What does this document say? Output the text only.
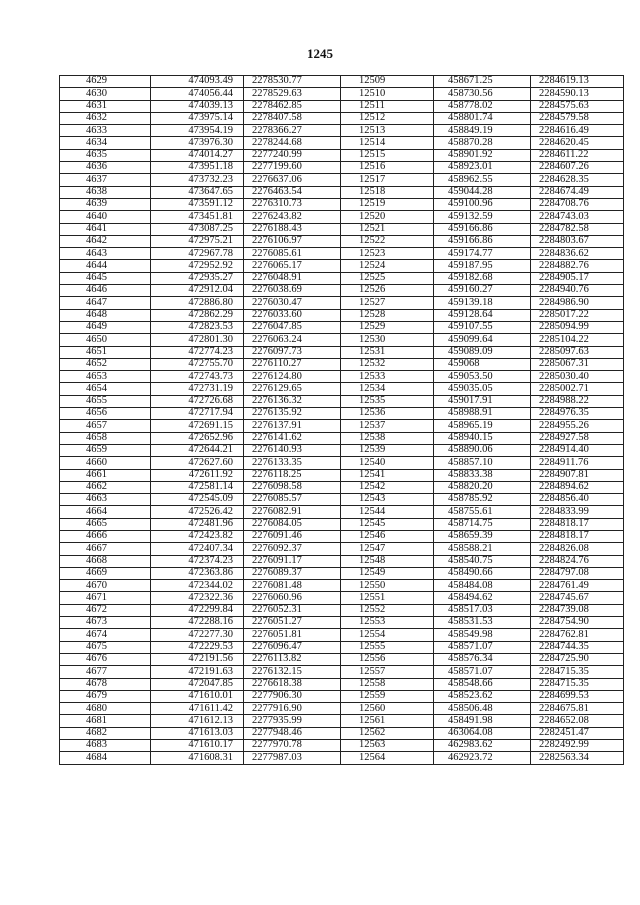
1245
4629	474093.49	2278530.77	12509	458671.25	2284619.13
4630	474056.44	2278529.63	12510	458730.56	2284590.13
4631	474039.13	2278462.85	12511	458778.02	2284575.63
4632	473975.14	2278407.58	12512	458801.74	2284579.58
4633	473954.19	2278366.27	12513	458849.19	2284616.49
4634	473976.30	2278244.68	12514	458870.28	2284620.45
4635	474014.27	2277240.99	12515	458901.92	2284611.22
4636	473951.18	2277199.60	12516	458923.01	2284607.26
4637	473732.23	2276637.06	12517	458962.55	2284628.35
4638	473647.65	2276463.54	12518	459044.28	2284674.49
4639	473591.12	2276310.73	12519	459100.96	2284708.76
4640	473451.81	2276243.82	12520	459132.59	2284743.03
4641	473087.25	2276188.43	12521	459166.86	2284782.58
4642	472975.21	2276106.97	12522	459166.86	2284803.67
4643	472967.78	2276085.61	12523	459174.77	2284836.62
4644	472952.92	2276065.17	12524	459187.95	2284882.76
4645	472935.27	2276048.91	12525	459182.68	2284905.17
4646	472912.04	2276038.69	12526	459160.27	2284940.76
4647	472886.80	2276030.47	12527	459139.18	2284986.90
4648	472862.29	2276033.60	12528	459128.64	2285017.22
4649	472823.53	2276047.85	12529	459107.55	2285094.99
4650	472801.30	2276063.24	12530	459099.64	2285104.22
4651	472774.23	2276097.73	12531	459089.09	2285097.63
4652	472755.70	2276110.27	12532	459068	2285067.31
4653	472743.73	2276124.80	12533	459053.50	2285030.40
4654	472731.19	2276129.65	12534	459035.05	2285002.71
4655	472726.68	2276136.32	12535	459017.91	2284988.22
4656	472717.94	2276135.92	12536	458988.91	2284976.35
4657	472691.15	2276137.91	12537	458965.19	2284955.26
4658	472652.96	2276141.62	12538	458940.15	2284927.58
4659	472644.21	2276140.93	12539	458890.06	2284914.40
4660	472627.60	2276133.35	12540	458857.10	2284911.76
4661	472611.92	2276118.25	12541	458833.38	2284907.81
4662	472581.14	2276098.58	12542	458820.20	2284894.62
4663	472545.09	2276085.57	12543	458785.92	2284856.40
4664	472526.42	2276082.91	12544	458755.61	2284833.99
4665	472481.96	2276084.05	12545	458714.75	2284818.17
4666	472423.82	2276091.46	12546	458659.39	2284818.17
4667	472407.34	2276092.37	12547	458588.21	2284826.08
4668	472374.23	2276091.17	12548	458540.75	2284824.76
4669	472363.86	2276089.37	12549	458490.66	2284797.08
4670	472344.02	2276081.48	12550	458484.08	2284761.49
4671	472322.36	2276060.96	12551	458494.62	2284745.67
4672	472299.84	2276052.31	12552	458517.03	2284739.08
4673	472288.16	2276051.27	12553	458531.53	2284754.90
4674	472277.30	2276051.81	12554	458549.98	2284762.81
4675	472229.53	2276096.47	12555	458571.07	2284744.35
4676	472191.56	2276113.82	12556	458576.34	2284725.90
4677	472191.63	2276132.15	12557	458571.07	2284715.35
4678	472047.85	2276618.38	12558	458548.66	2284715.35
4679	471610.01	2277906.30	12559	458523.62	2284699.53
4680	471611.42	2277916.90	12560	458506.48	2284675.81
4681	471612.13	2277935.99	12561	458491.98	2284652.08
4682	471613.03	2277948.46	12562	463064.08	2282451.47
4683	471610.17	2277970.78	12563	462983.62	2282492.99
4684	471608.31	2277987.03	12564	462923.72	2282563.34
